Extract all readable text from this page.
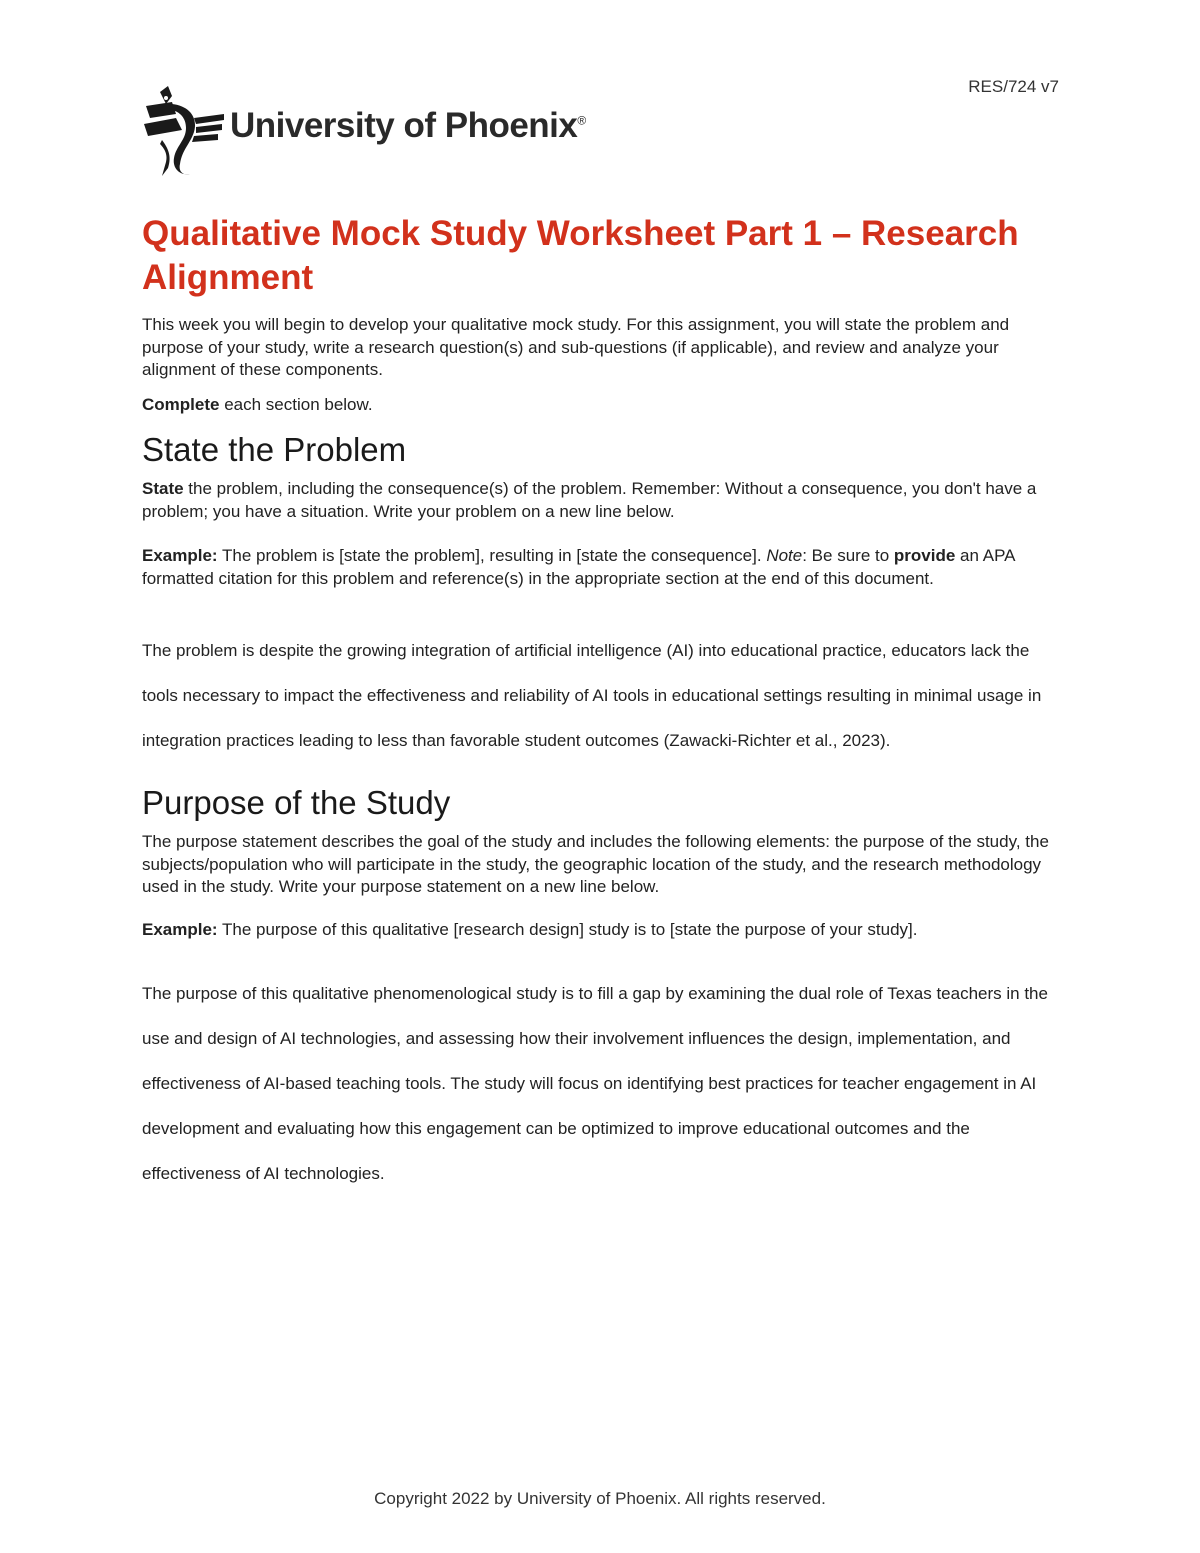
RES/724 v7
University of Phoenix®
Qualitative Mock Study Worksheet Part 1 – Research Alignment

This week you will begin to develop your qualitative mock study. For this assignment, you will state the problem and purpose of your study, write a research question(s) and sub-questions (if applicable), and review and analyze your alignment of these components.

Complete each section below.

State the Problem

State the problem, including the consequence(s) of the problem. Remember: Without a consequence, you don't have a problem; you have a situation. Write your problem on a new line below.

Example: The problem is [state the problem], resulting in [state the consequence]. Note: Be sure to provide an APA formatted citation for this problem and reference(s) in the appropriate section at the end of this document.

The problem is despite the growing integration of artificial intelligence (AI) into educational practice, educators lack the tools necessary to impact the effectiveness and reliability of AI tools in educational settings resulting in minimal usage in integration practices leading to less than favorable student outcomes (Zawacki-Richter et al., 2023).

Purpose of the Study

The purpose statement describes the goal of the study and includes the following elements: the purpose of the study, the subjects/population who will participate in the study, the geographic location of the study, and the research methodology used in the study. Write your purpose statement on a new line below.

Example: The purpose of this qualitative [research design] study is to [state the purpose of your study].

The purpose of this qualitative phenomenological study is to fill a gap by examining the dual role of Texas teachers in the use and design of AI technologies, and assessing how their involvement influences the design, implementation, and effectiveness of AI-based teaching tools. The study will focus on identifying best practices for teacher engagement in AI development and evaluating how this engagement can be optimized to improve educational outcomes and the effectiveness of AI technologies.

Copyright 2022 by University of Phoenix. All rights reserved.
